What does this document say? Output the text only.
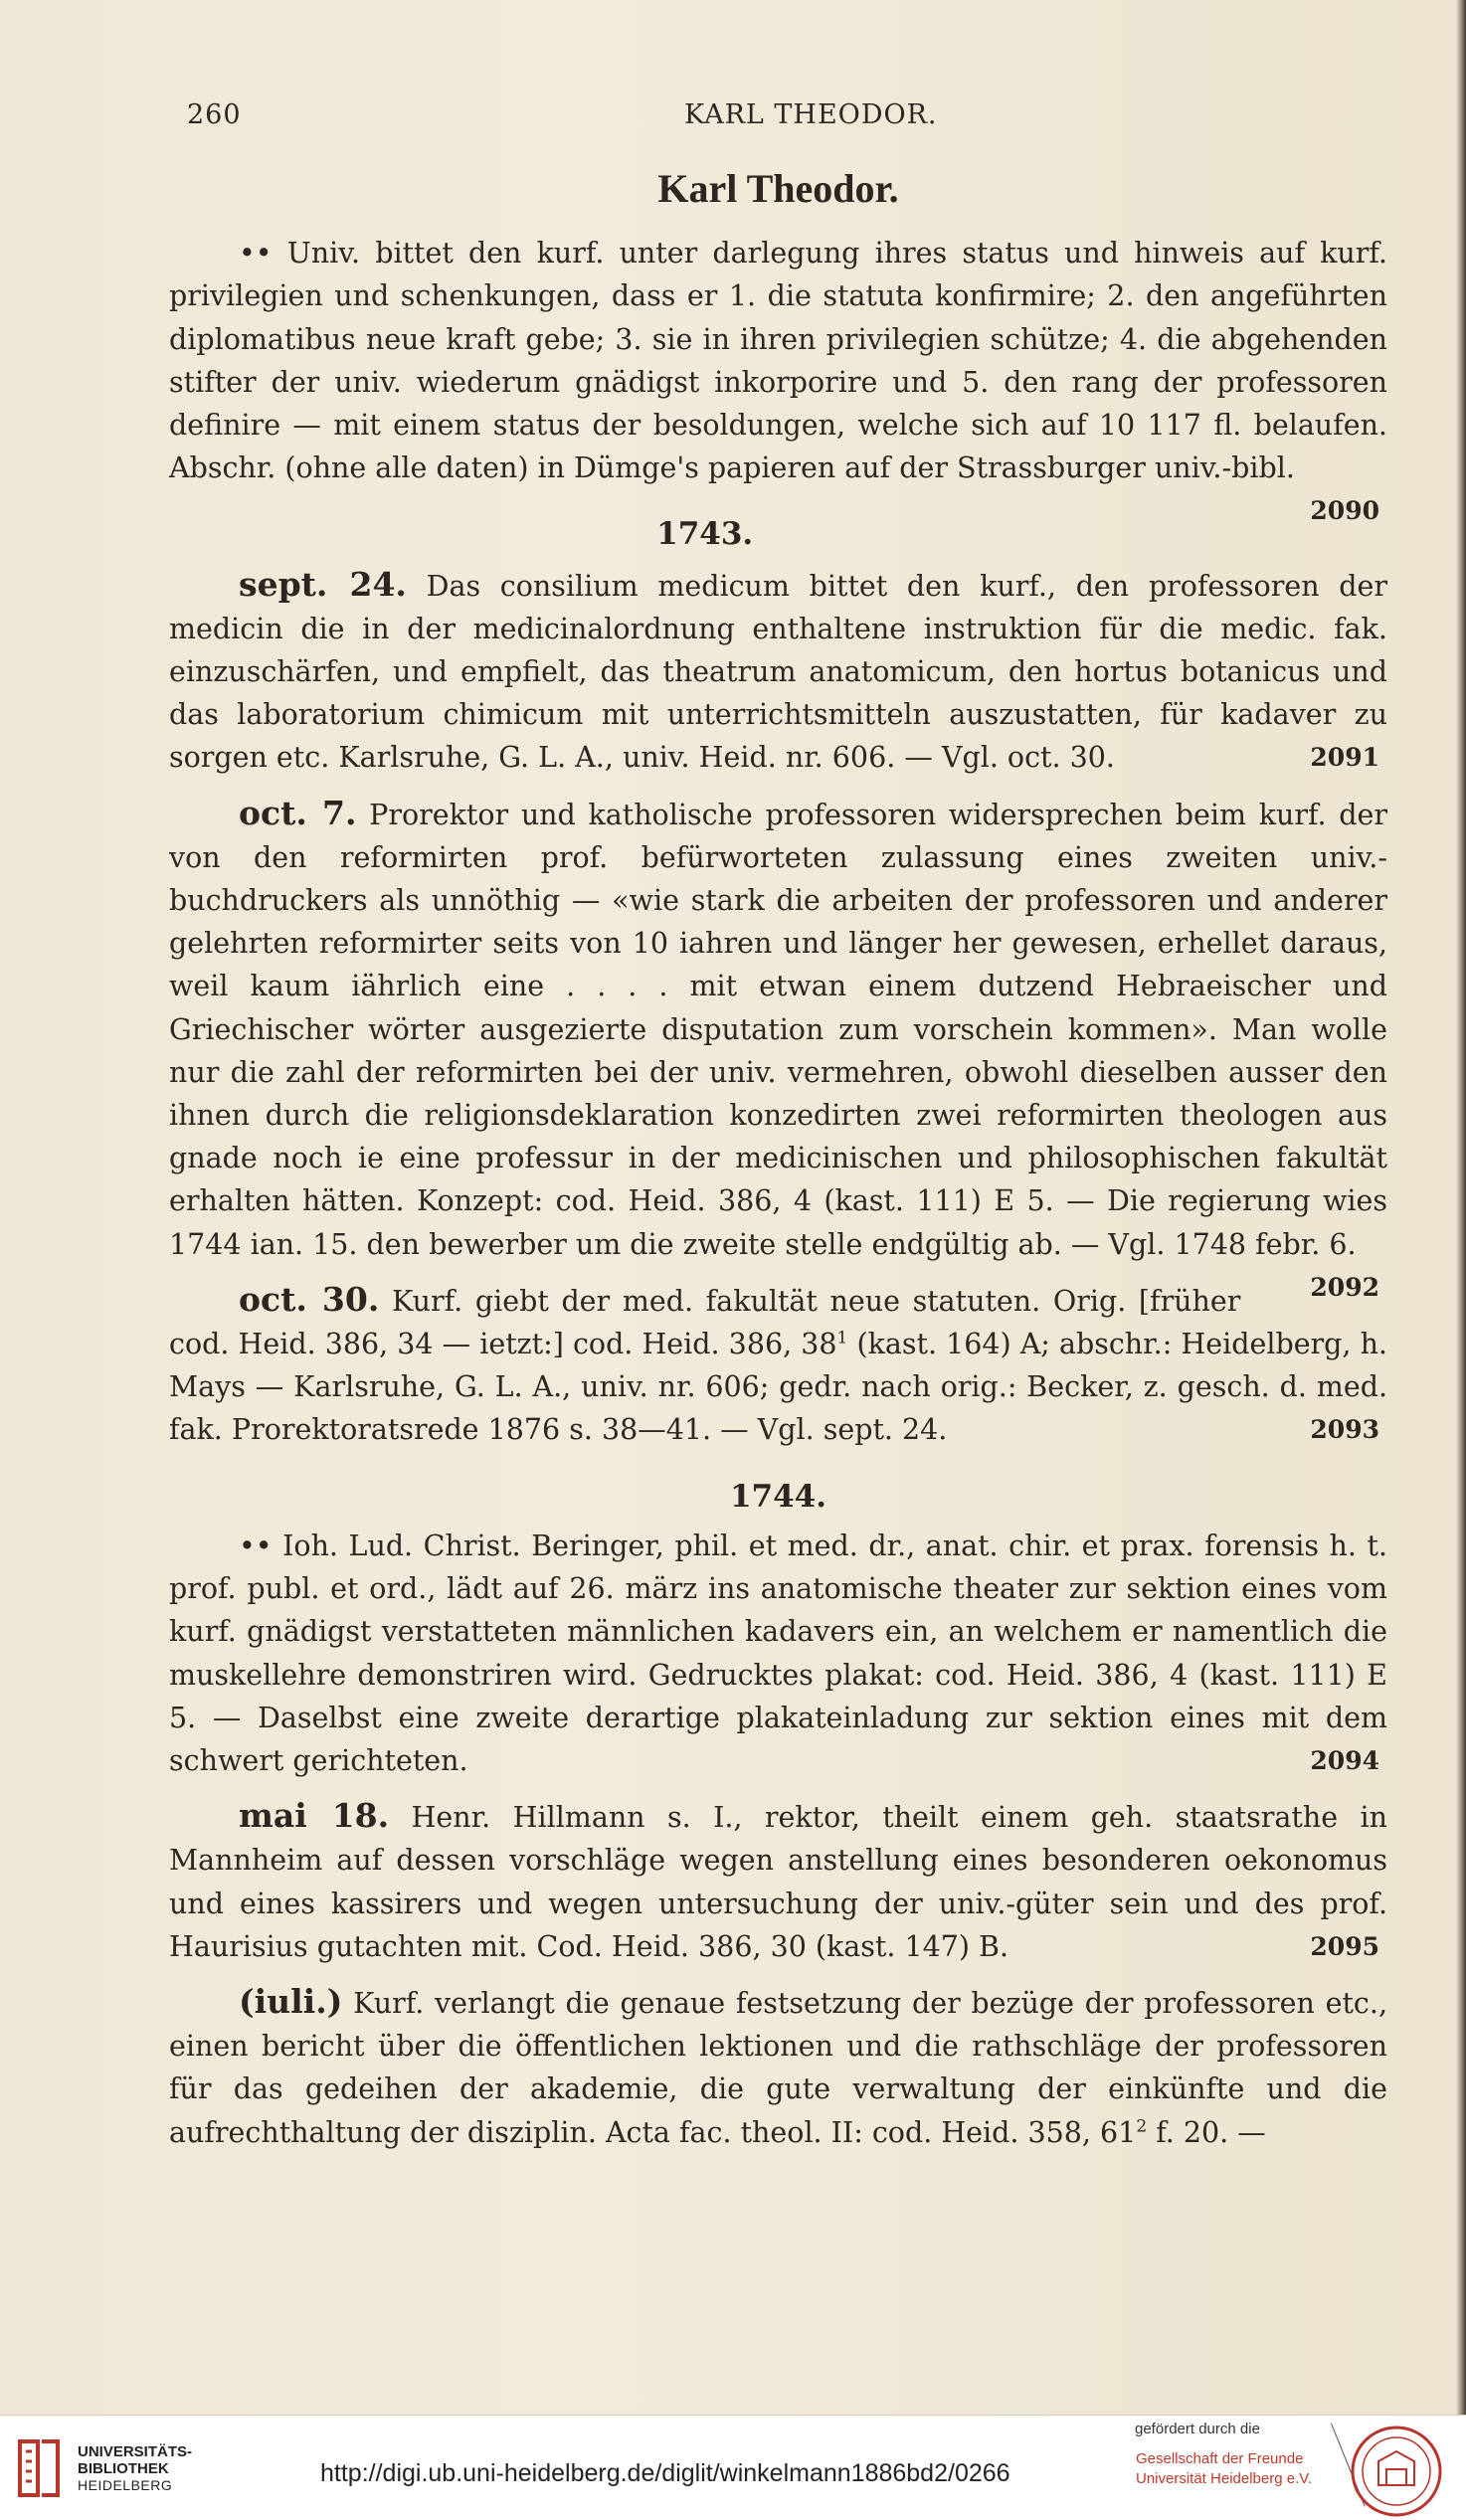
260	KARL THEODOR.
Karl Theodor.

•• Univ. bittet den kurf. unter darlegung ihres status und hinweis auf kurf. privilegien und schenkungen, dass er 1. die statuta konfirmire; 2. den angeführten diplomatibus neue kraft gebe; 3. sie in ihren privilegien schütze; 4. die abgehenden stifter der univ. wiederum gnädigst inkorporire und 5. den rang der professoren definire — mit einem status der besoldungen, welche sich auf 10 117 fl. belaufen. Abschr. (ohne alle daten) in Dümge's papieren auf der Strassburger univ.-bibl.
2090

1743.

sept. 24. Das consilium medicum bittet den kurf., den professoren der medicin die in der medicinalordnung enthaltene instruktion für die medic. fak. einzuschärfen, und empfielt, das theatrum anatomicum, den hortus botanicus und das laboratorium chimicum mit unterrichtsmitteln auszustatten, für kadaver zu sorgen etc. Karlsruhe, G. L. A., univ. Heid. nr. 606. — Vgl. oct. 30.	2091

oct. 7. Prorektor und katholische professoren widersprechen beim kurf. der von den reformirten prof. befürworteten zulassung eines zweiten univ.-buchdruckers als unnöthig — «wie stark die arbeiten der professoren und anderer gelehrten reformirter seits von 10 iahren und länger her gewesen, erhellet daraus, weil kaum iährlich eine . . . . mit etwan einem dutzend Hebraeischer und Griechischer wörter ausgezierte disputation zum vorschein kommen». Man wolle nur die zahl der reformirten bei der univ. vermehren, obwohl dieselben ausser den ihnen durch die religionsdeklaration konzedirten zwei reformirten theologen aus gnade noch ie eine professur in der medicinischen und philosophischen fakultät erhalten hätten. Konzept: cod. Heid. 386, 4 (kast. 111) E 5. — Die regierung wies 1744 ian. 15. den bewerber um die zweite stelle endgültig ab. — Vgl. 1748 febr. 6.
2092

oct. 30. Kurf. giebt der med. fakultät neue statuten. Orig. [früher cod. Heid. 386, 34 — ietzt:] cod. Heid. 386, $38^1$ (kast. 164) A; abschr.: Heidelberg, h. Mays — Karlsruhe, G. L. A., univ. nr. 606; gedr. nach orig.: Becker, z. gesch. d. med. fak. Prorektoratsrede 1876 s. 38—41. — Vgl. sept. 24.	2093

1744.

•• Ioh. Lud. Christ. Beringer, phil. et med. dr., anat. chir. et prax. forensis h. t. prof. publ. et ord., lädt auf 26. märz ins anatomische theater zur sektion eines vom kurf. gnädigst verstatteten männlichen kadavers ein, an welchem er namentlich die muskellehre demonstriren wird. Gedrucktes plakat: cod. Heid. 386, 4 (kast. 111) E 5. — Daselbst eine zweite derartige plakateinladung zur sektion eines mit dem schwert gerichteten.	2094

mai 18. Henr. Hillmann s. I., rektor, theilt einem geh. staatsrathe in Mannheim auf dessen vorschläge wegen anstellung eines besonderen oekonomus und eines kassirers und wegen untersuchung der univ.-güter sein und des prof. Haurisius gutachten mit. Cod. Heid. 386, 30 (kast. 147) B.	2095

(iuli.) Kurf. verlangt die genaue festsetzung der bezüge der professoren etc., einen bericht über die öffentlichen lektionen und die rathschläge der professoren für das gedeihen der akademie, die gute verwaltung der einkünfte und die aufrechthaltung der disziplin. Acta fac. theol. II: cod. Heid. 358, $61^2$ f. 20. —

UNIVERSITÄTS-
BIBLIOTHEK
HEIDELBERG	http://digi.ub.uni-heidelberg.de/diglit/winkelmann1886bd2/0266
gefördert durch die
Gesellschaft der Freunde
Universität Heidelberg e.V.
